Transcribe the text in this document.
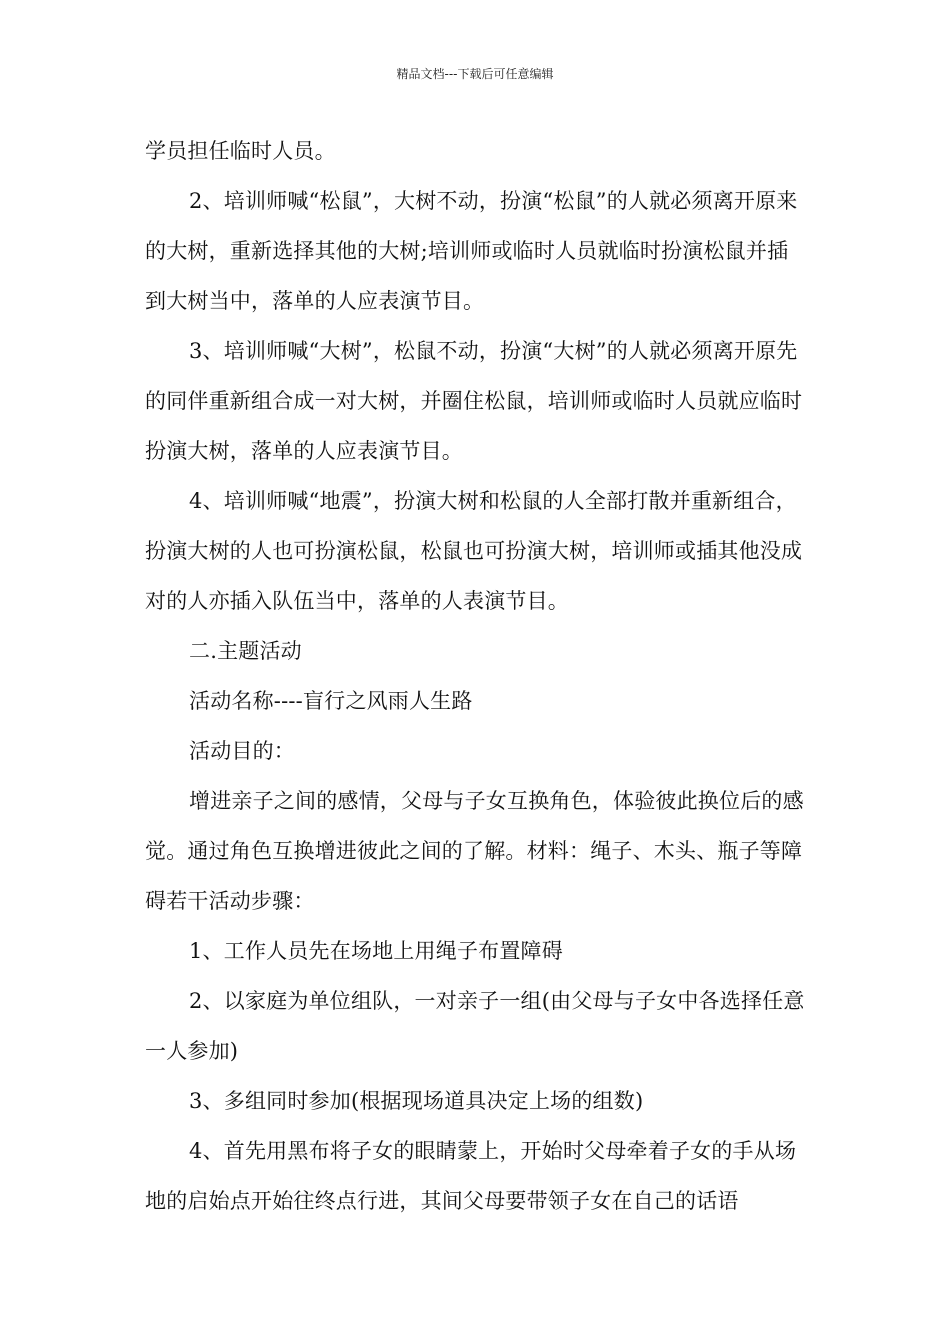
精品文档---下载后可任意编辑

学员担任临时人员。

2、培训师喊“松鼠”，大树不动，扮演“松鼠”的人就必须离开原来的大树，重新选择其他的大树;培训师或临时人员就临时扮演松鼠并插到大树当中，落单的人应表演节目。

3、培训师喊“大树”，松鼠不动，扮演“大树”的人就必须离开原先的同伴重新组合成一对大树，并圈住松鼠，培训师或临时人员就应临时扮演大树，落单的人应表演节目。

4、培训师喊“地震”，扮演大树和松鼠的人全部打散并重新组合，扮演大树的人也可扮演松鼠，松鼠也可扮演大树，培训师或插其他没成对的人亦插入队伍当中，落单的人表演节目。

二.主题活动

活动名称----盲行之风雨人生路

活动目的：

增进亲子之间的感情，父母与子女互换角色，体验彼此换位后的感觉。通过角色互换增进彼此之间的了解。材料：绳子、木头、瓶子等障碍若干活动步骤：

1、工作人员先在场地上用绳子布置障碍

2、以家庭为单位组队，一对亲子一组(由父母与子女中各选择任意一人参加)

3、多组同时参加(根据现场道具决定上场的组数)

4、首先用黑布将子女的眼睛蒙上，开始时父母牵着子女的手从场地的启始点开始往终点行进，其间父母要带领子女在自己的话语
